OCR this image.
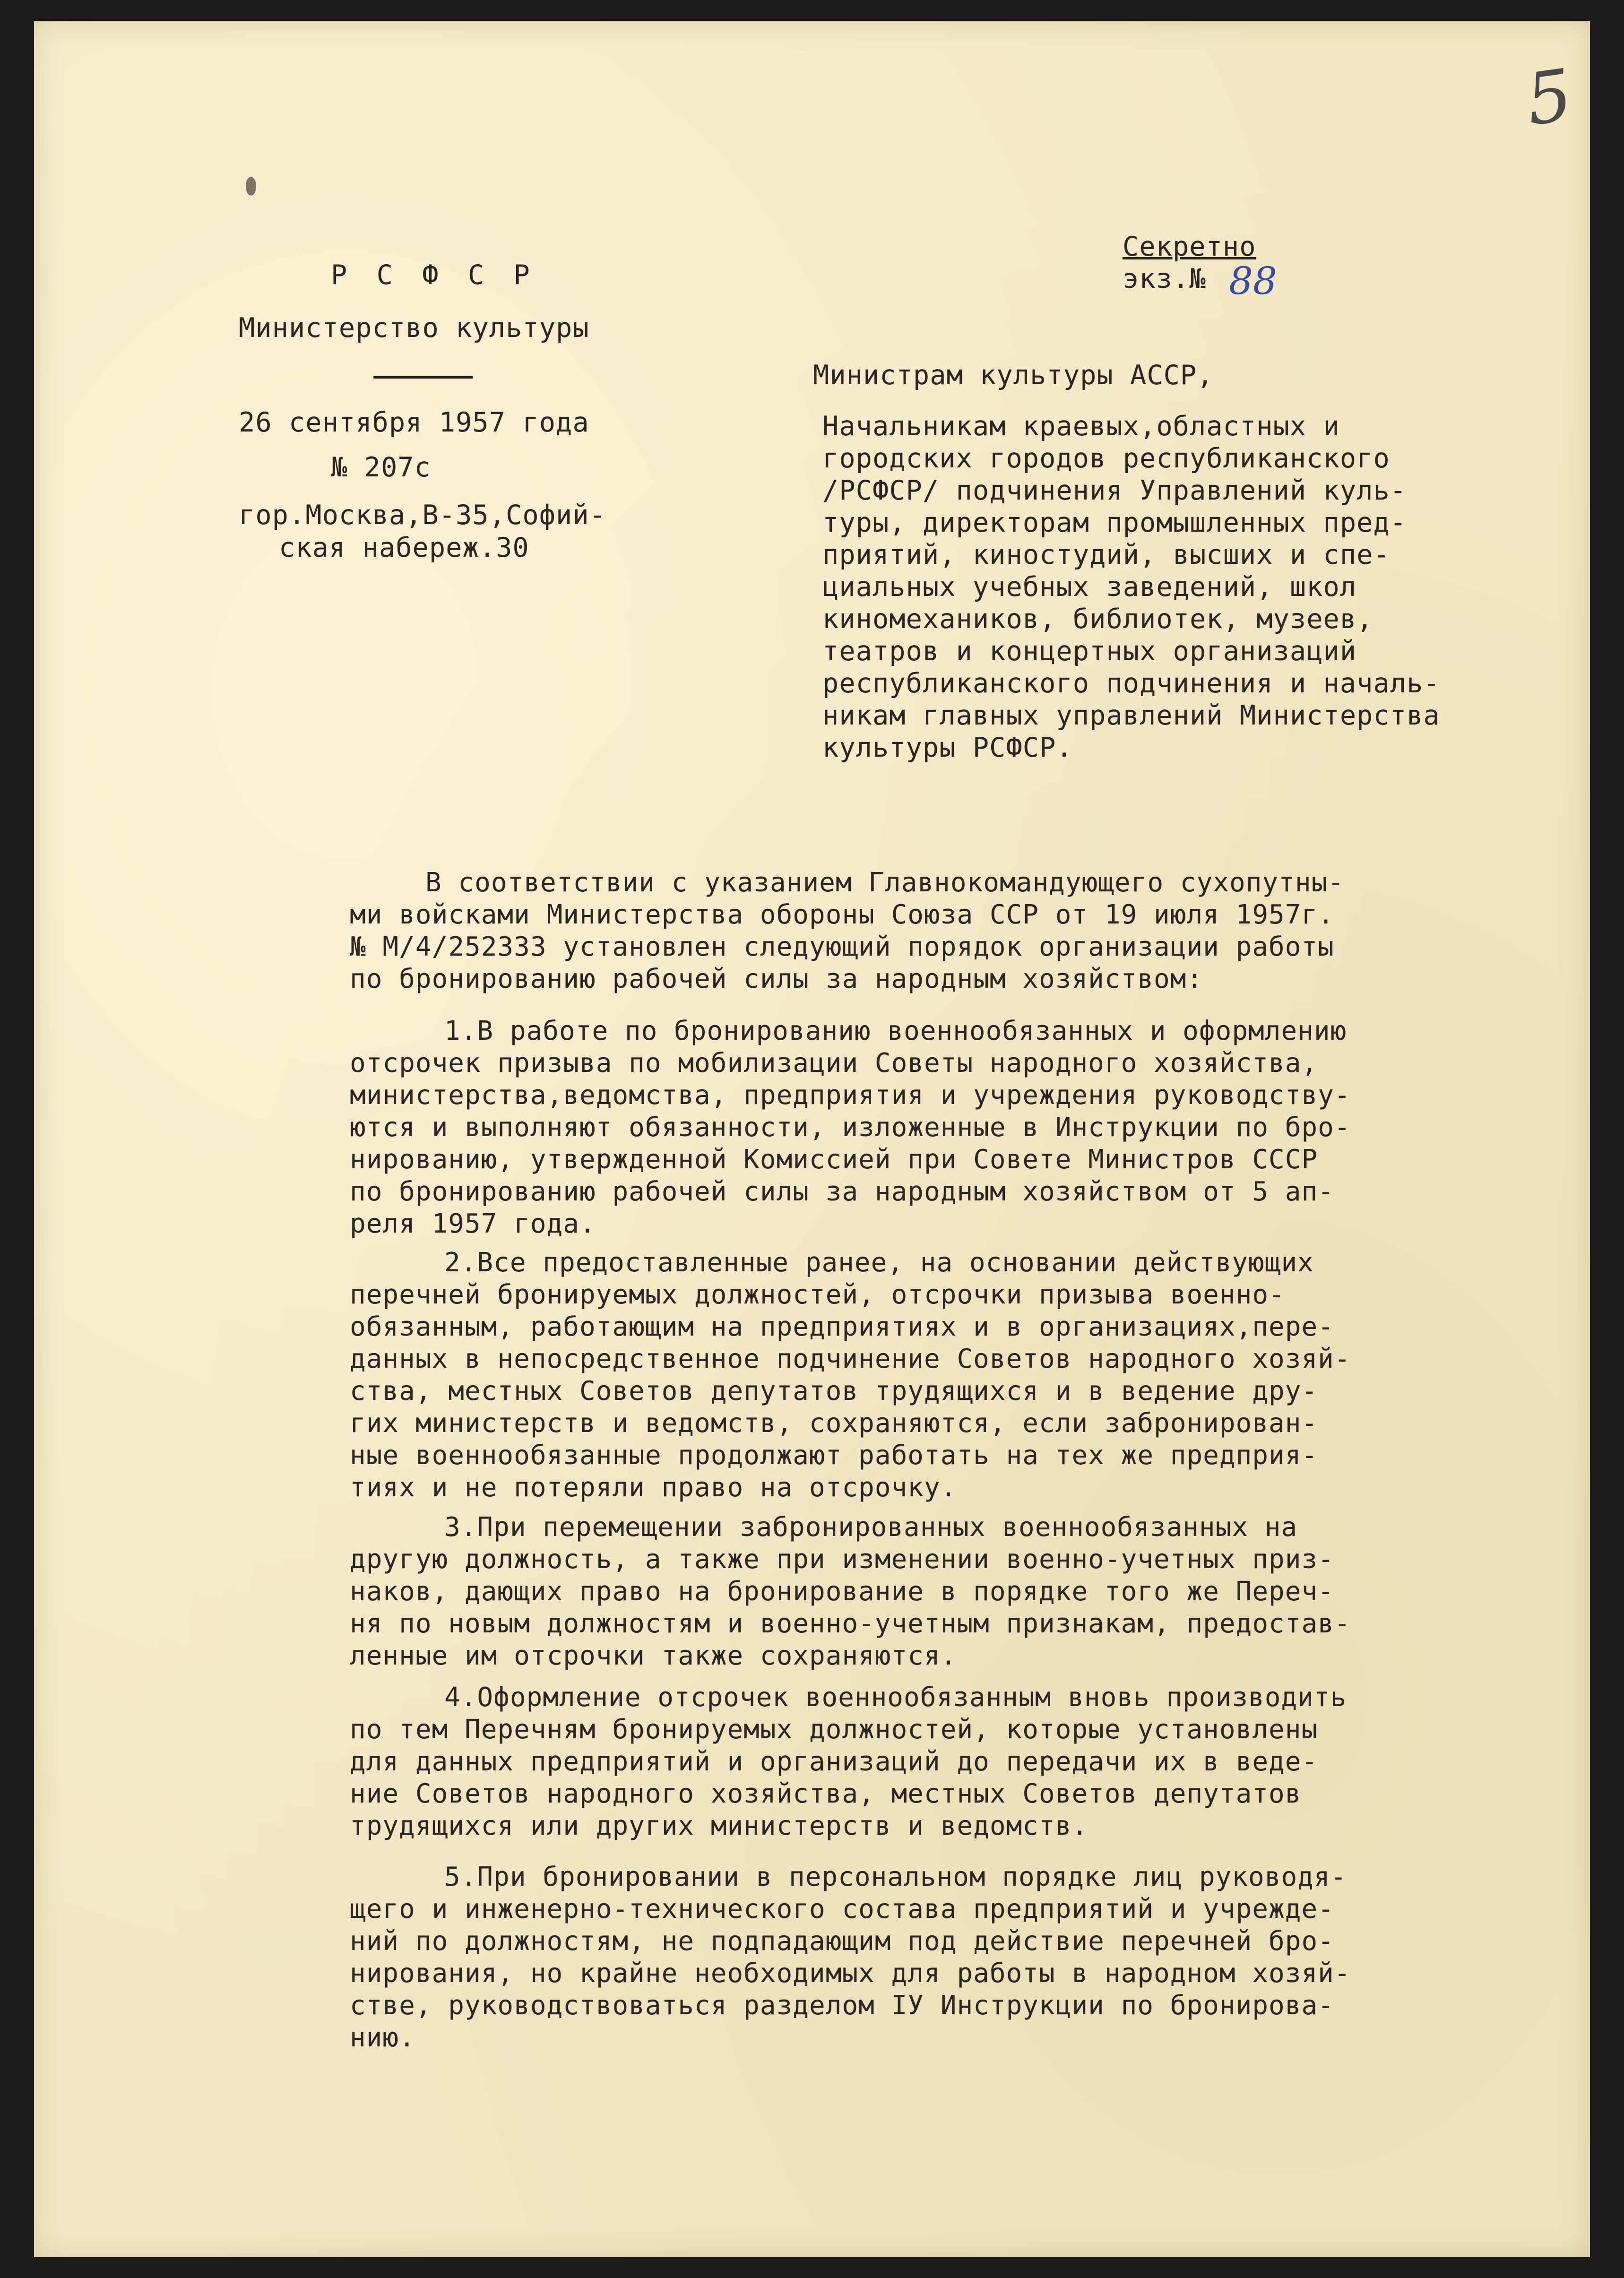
5
Р С Ф С Р
Министерство культуры
26 сентября 1957 года
№ 207с
гор.Москва,В-35,Софий-
ская набереж.30
Секретно
экз.№ 88
Министрам культуры АССР,
Начальникам краевых,областных и
городских городов республиканского
/РСФСР/ подчинения Управлений куль-
туры, директорам промышленных пред-
приятий, киностудий, высших и спе-
циальных учебных заведений, школ
киномехаников, библиотек, музеев,
театров и концертных организаций
республиканского подчинения и началь-
никам главных управлений Министерства
культуры РСФСР.
В соответствии с указанием Главнокомандующего сухопутны-
ми войсками Министерства обороны Союза ССР от 19 июля 1957г.
№ М/4/252333 установлен следующий порядок организации работы
по бронированию рабочей силы за народным хозяйством:
1.В работе по бронированию военнообязанных и оформлению
отсрочек призыва по мобилизации Советы народного хозяйства,
министерства,ведомства, предприятия и учреждения руководству-
ются и выполняют обязанности, изложенные в Инструкции по бро-
нированию, утвержденной Комиссией при Совете Министров СССР
по бронированию рабочей силы за народным хозяйством от 5 ап-
реля 1957 года.
2.Все предоставленные ранее, на основании действующих
перечней бронируемых должностей, отсрочки призыва военно-
обязанным, работающим на предприятиях и в организациях,пере-
данных в непосредственное подчинение Советов народного хозяй-
ства, местных Советов депутатов трудящихся и в ведение дру-
гих министерств и ведомств, сохраняются, если забронирован-
ные военнообязанные продолжают работать на тех же предприя-
тиях и не потеряли право на отсрочку.
3.При перемещении забронированных военнообязанных на
другую должность, а также при изменении военно-учетных приз-
наков, дающих право на бронирование в порядке того же Переч-
ня по новым должностям и военно-учетным признакам, предостав-
ленные им отсрочки также сохраняются.
4.Оформление отсрочек военнообязанным вновь производить
по тем Перечням бронируемых должностей, которые установлены
для данных предприятий и организаций до передачи их в веде-
ние Советов народного хозяйства, местных Советов депутатов
трудящихся или других министерств и ведомств.
5.При бронировании в персональном порядке лиц руководя-
щего и инженерно-технического состава предприятий и учрежде-
ний по должностям, не подпадающим под действие перечней бро-
нирования, но крайне необходимых для работы в народном хозяй-
стве, руководствоваться разделом IУ Инструкции по бронирова-
нию.
